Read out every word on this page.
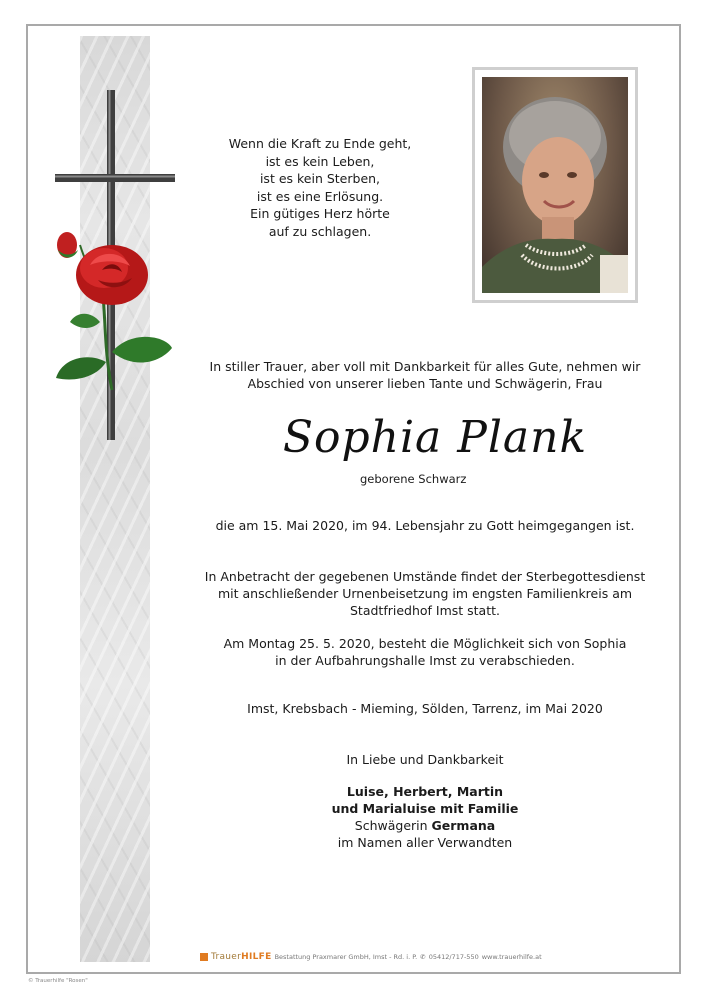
Wenn die Kraft zu Ende geht,
ist es kein Leben,
ist es kein Sterben,
ist es eine Erlösung.
Ein gütiges Herz hörte
auf zu schlagen.
In stiller Trauer, aber voll mit Dankbarkeit für alles Gute, nehmen wir
Abschied von unserer lieben Tante und Schwägerin, Frau
Sophia Plank
geborene Schwarz
die am 15. Mai 2020, im 94. Lebensjahr zu Gott heimgegangen ist.
In Anbetracht der gegebenen Umstände findet der Sterbegottesdienst
mit anschließender Urnenbeisetzung im engsten Familienkreis am
Stadtfriedhof Imst statt.
Am Montag 25. 5. 2020, besteht die Möglichkeit sich von Sophia
in der Aufbahrungshalle Imst zu verabschieden.
Imst, Krebsbach - Mieming, Sölden, Tarrenz, im Mai 2020
In Liebe und Dankbarkeit
Luise, Herbert, Martin
und Marialuise mit Familie
Schwägerin Germana
im Namen aller Verwandten
TrauerHILFE Bestattung Praxmarer GmbH, Imst - Rd. i. P. ✆ 05412/717-550 www.trauerhilfe.at
© Trauerhilfe "Rosen"
